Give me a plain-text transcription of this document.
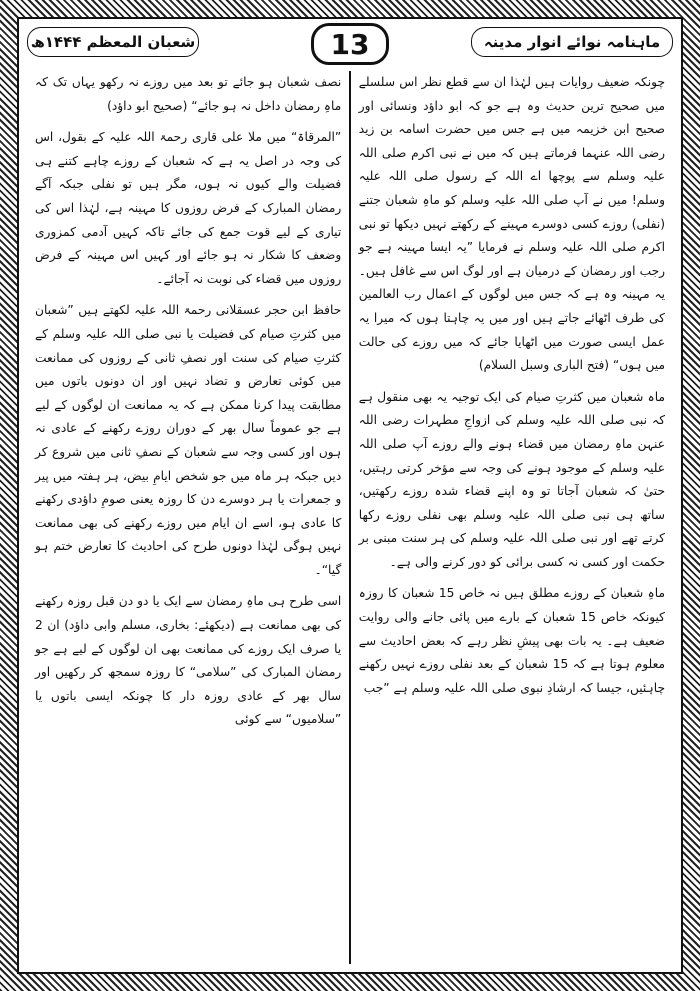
ماہنامہ نوائے انوار مدینہ
13
شعبان المعظم ۱۴۴۴ھ

چونکہ ضعیف روایات ہیں لہٰذا ان سے قطع نظر اس سلسلے میں صحیح ترین حدیث وہ ہے جو کہ ابو داؤد ونسائی اور صحیح ابن خزیمہ میں ہے جس میں حضرت اسامہ بن زید رضی اللہ عنہما فرماتے ہیں کہ میں نے نبی اکرم صلی اللہ علیہ وسلم سے پوچھا اے اللہ کے رسول صلی اللہ علیہ وسلم! میں نے آپ صلی اللہ علیہ وسلم کو ماہِ شعبان جتنے (نفلی) روزے کسی دوسرے مہینے کے رکھتے نہیں دیکھا تو نبی اکرم صلی اللہ علیہ وسلم نے فرمایا ”یہ ایسا مہینہ ہے جو رجب اور رمضان کے درمیان ہے اور لوگ اس سے غافل ہیں۔ یہ مہینہ وہ ہے کہ جس میں لوگوں کے اعمال رب العالمین کی طرف اٹھائے جاتے ہیں اور میں یہ چاہتا ہوں کہ میرا یہ عمل ایسی صورت میں اٹھایا جائے کہ میں روزے کی حالت میں ہوں“ (فتح الباری وسبل السلام)

ماہ شعبان میں کثرتِ صیام کی ایک توجیہ یہ بھی منقول ہے کہ نبی صلی اللہ علیہ وسلم کی ازواجِ مطہرات رضی اللہ عنہن ماہِ رمضان میں قضاء ہونے والے روزے آپ صلی اللہ علیہ وسلم کے موجود ہونے کی وجہ سے مؤخر کرتی رہتیں، حتیٰ کہ شعبان آجاتا تو وہ اپنے قضاء شدہ روزے رکھتیں، ساتھ ہی نبی صلی اللہ علیہ وسلم بھی نفلی روزے رکھا کرتے تھے اور نبی صلی اللہ علیہ وسلم کی ہر سنت مبنی بر حکمت اور کسی نہ کسی برائی کو دور کرنے والی ہے۔

ماہِ شعبان کے روزے مطلق ہیں نہ خاص 15 شعبان کا روزہ کیونکہ خاص 15 شعبان کے بارے میں پائی جانے والی روایت ضعیف ہے۔ یہ بات بھی پیشِ نظر رہے کہ بعض احادیث سے معلوم ہوتا ہے کہ 15 شعبان کے بعد نفلی روزے نہیں رکھنے چاہئیں، جیسا کہ ارشادِ نبوی صلی اللہ علیہ وسلم ہے ”جب

نصف شعبان ہو جائے تو بعد میں روزے نہ رکھو یہاں تک کہ ماہِ رمضان داخل نہ ہو جائے“ (صحیح ابو داؤد)

”المرقاۃ“ میں ملا علی قاری رحمۃ اللہ علیہ کے بقول، اس کی وجہ در اصل یہ ہے کہ شعبان کے روزے چاہے کتنے ہی فضیلت والے کیوں نہ ہوں، مگر ہیں تو نفلی جبکہ آگے رمضان المبارک کے فرض روزوں کا مہینہ ہے، لہٰذا اس کی تیاری کے لیے قوت جمع کی جائے تاکہ کہیں آدمی کمزوری وضعف کا شکار نہ ہو جائے اور کہیں اس مہینہ کے فرض روزوں میں قضاء کی نوبت نہ آجائے۔

حافظ ابن حجر عسقلانی رحمۃ اللہ علیہ لکھتے ہیں ”شعبان میں کثرتِ صیام کی فضیلت یا نبی صلی اللہ علیہ وسلم کے کثرتِ صیام کی سنت اور نصفِ ثانی کے روزوں کی ممانعت میں کوئی تعارض و تضاد نہیں اور ان دونوں باتوں میں مطابقت پیدا کرنا ممکن ہے کہ یہ ممانعت ان لوگوں کے لیے ہے جو عموماً سال بھر کے دوران روزے رکھنے کے عادی نہ ہوں اور کسی وجہ سے شعبان کے نصفِ ثانی میں شروع کر دیں جبکہ ہر ماہ میں جو شخص ایامِ بیض، ہر ہفتہ میں پیر و جمعرات یا ہر دوسرے دن کا روزہ یعنی صومِ داؤدی رکھنے کا عادی ہو، اسے ان ایام میں روزے رکھنے کی بھی ممانعت نہیں ہوگی لہٰذا دونوں طرح کی احادیث کا تعارض ختم ہو گیا“۔

اسی طرح ہی ماہِ رمضان سے ایک یا دو دن قبل روزہ رکھنے کی بھی ممانعت ہے (دیکھئے: بخاری، مسلم وابی داؤد) ان 2 یا صرف ایک روزے کی ممانعت بھی ان لوگوں کے لیے ہے جو رمضان المبارک کی ”سلامی“ کا روزہ سمجھ کر رکھیں اور سال بھر کے عادی روزہ دار کا چونکہ ایسی باتوں یا ”سلامیوں“ سے کوئی
